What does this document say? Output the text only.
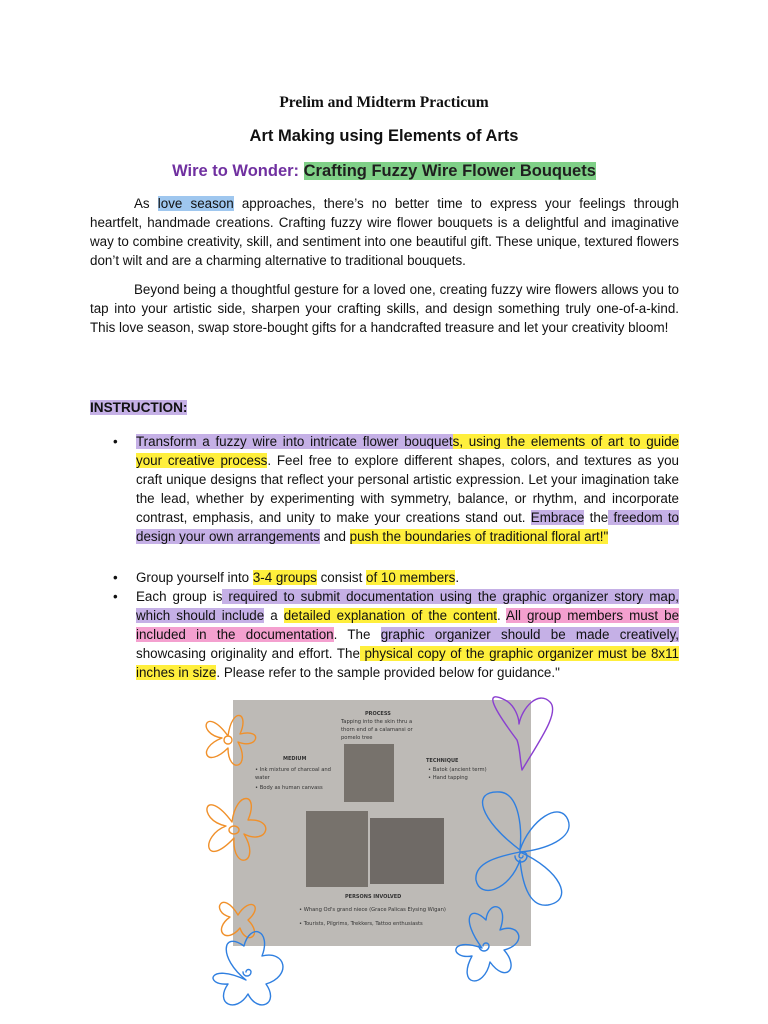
Prelim and Midterm Practicum
Art Making using Elements of Arts
Wire to Wonder: Crafting Fuzzy Wire Flower Bouquets
As love season approaches, there’s no better time to express your feelings through heartfelt, handmade creations. Crafting fuzzy wire flower bouquets is a delightful and imaginative way to combine creativity, skill, and sentiment into one beautiful gift. These unique, textured flowers don’t wilt and are a charming alternative to traditional bouquets.
Beyond being a thoughtful gesture for a loved one, creating fuzzy wire flowers allows you to tap into your artistic side, sharpen your crafting skills, and design something truly one-of-a-kind. This love season, swap store-bought gifts for a handcrafted treasure and let your creativity bloom!
INSTRUCTION:
• Transform a fuzzy wire into intricate flower bouquets, using the elements of art to guide your creative process. Feel free to explore different shapes, colors, and textures as you craft unique designs that reflect your personal artistic expression. Let your imagination take the lead, whether by experimenting with symmetry, balance, or rhythm, and incorporate contrast, emphasis, and unity to make your creations stand out. Embrace the freedom to design your own arrangements and push the boundaries of traditional floral art!"
• Group yourself into 3-4 groups consist of 10 members.
• Each group is required to submit documentation using the graphic organizer story map, which should include a detailed explanation of the content. All group members must be included in the documentation. The graphic organizer should be made creatively, showcasing originality and effort. The physical copy of the graphic organizer must be 8x11 inches in size. Please refer to the sample provided below for guidance."
PROCESS
Tapping into the skin thru a thorn end of a calamansi or pomelo tree
MEDIUM
• Ink mixture of charcoal and water
• Body as human canvass
TECHNIQUE
• Batok (ancient term)
• Hand tapping
PERSONS INVOLVED
• Whang Od's grand niece (Grace Palicas Elysing Wigan)
• Tourists, Pilgrims, Trekkers, Tattoo enthusiasts
